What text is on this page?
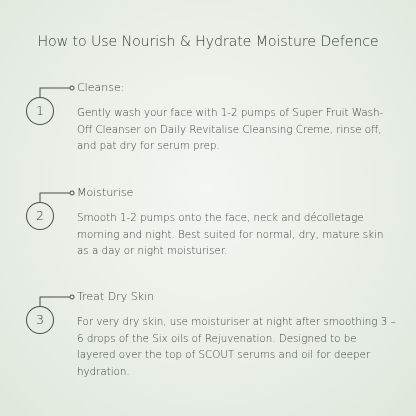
How to Use Nourish & Hydrate Moisture Defence
1
Cleanse:
Gently wash your face with 1-2 pumps of Super Fruit Wash-Off Cleanser on Daily Revitalise Cleansing Creme, rinse off, and pat dry for serum prep.
2
Moisturise
Smooth 1-2 pumps onto the face, neck and décolletage morning and night. Best suited for normal, dry, mature skin as a day or night moisturiser.
3
Treat Dry Skin
For very dry skin, use moisturiser at night after smoothing 3 – 6 drops of the Six oils of Rejuvenation. Designed to be layered over the top of SCOUT serums and oil for deeper hydration.
